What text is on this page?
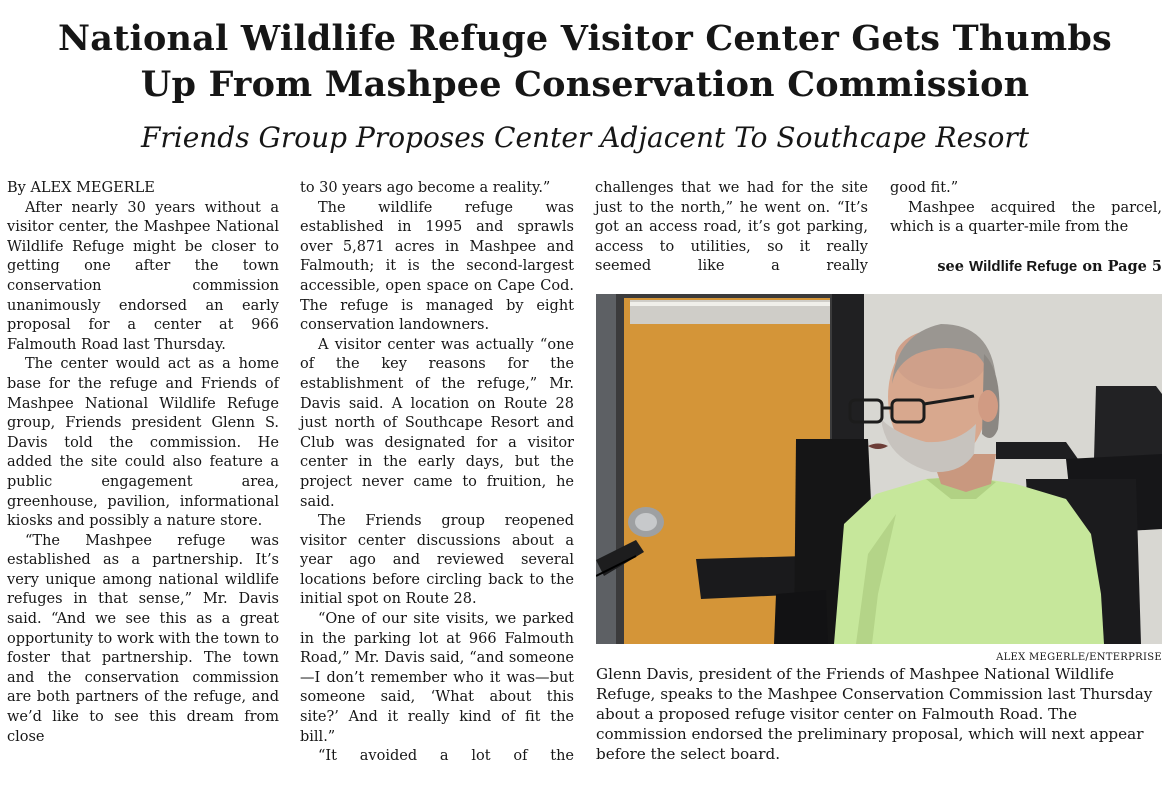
National Wildlife Refuge Visitor Center Gets Thumbs
Up From Mashpee Conservation Commission
Friends Group Proposes Center Adjacent To Southcape Resort

By ALEX MEGERLE

After nearly 30 years without a visitor center, the Mashpee National Wildlife Refuge might be closer to getting one after the town conservation commission unanimously endorsed an early proposal for a center at 966 Falmouth Road last Thursday.

The center would act as a home base for the refuge and Friends of Mashpee National Wildlife Refuge group, Friends president Glenn S. Davis told the commission. He added the site could also feature a public engagement area, greenhouse, pavilion, informational kiosks and possibly a nature store.

“The Mashpee refuge was established as a partnership. It’s very unique among national wildlife refuges in that sense,” Mr. Davis said. “And we see this as a great opportunity to work with the town to foster that partnership. The town and the conservation commission are both partners of the refuge, and we’d like to see this dream from close

to 30 years ago become a reality.”

The wildlife refuge was established in 1995 and sprawls over 5,871 acres in Mashpee and Falmouth; it is the second-largest accessible, open space on Cape Cod. The refuge is managed by eight conservation landowners.

A visitor center was actually “one of the key reasons for the establishment of the refuge,” Mr. Davis said. A location on Route 28 just north of Southcape Resort and Club was designated for a visitor center in the early days, but the project never came to fruition, he said.

The Friends group reopened visitor center discussions about a year ago and reviewed several locations before circling back to the initial spot on Route 28.

“One of our site visits, we parked in the parking lot at 966 Falmouth Road,” Mr. Davis said, “and someone—I don’t remember who it was—but someone said, ‘What about this site?’ And it really kind of fit the bill.”

“It avoided a lot of the

challenges that we had for the site just to the north,” he went on. “It’s got an access road, it’s got parking, access to utilities, so it really seemed like a really

good fit.”

Mashpee acquired the parcel, which is a quarter-mile from the

see Wildlife Refuge on Page 5
ALEX MEGERLE/ENTERPRISE
Glenn Davis, president of the Friends of Mashpee National Wildlife Refuge, speaks to the Mashpee Conservation Commission last Thursday about a proposed refuge visitor center on Falmouth Road. The commission endorsed the preliminary proposal, which will next appear before the select board.
